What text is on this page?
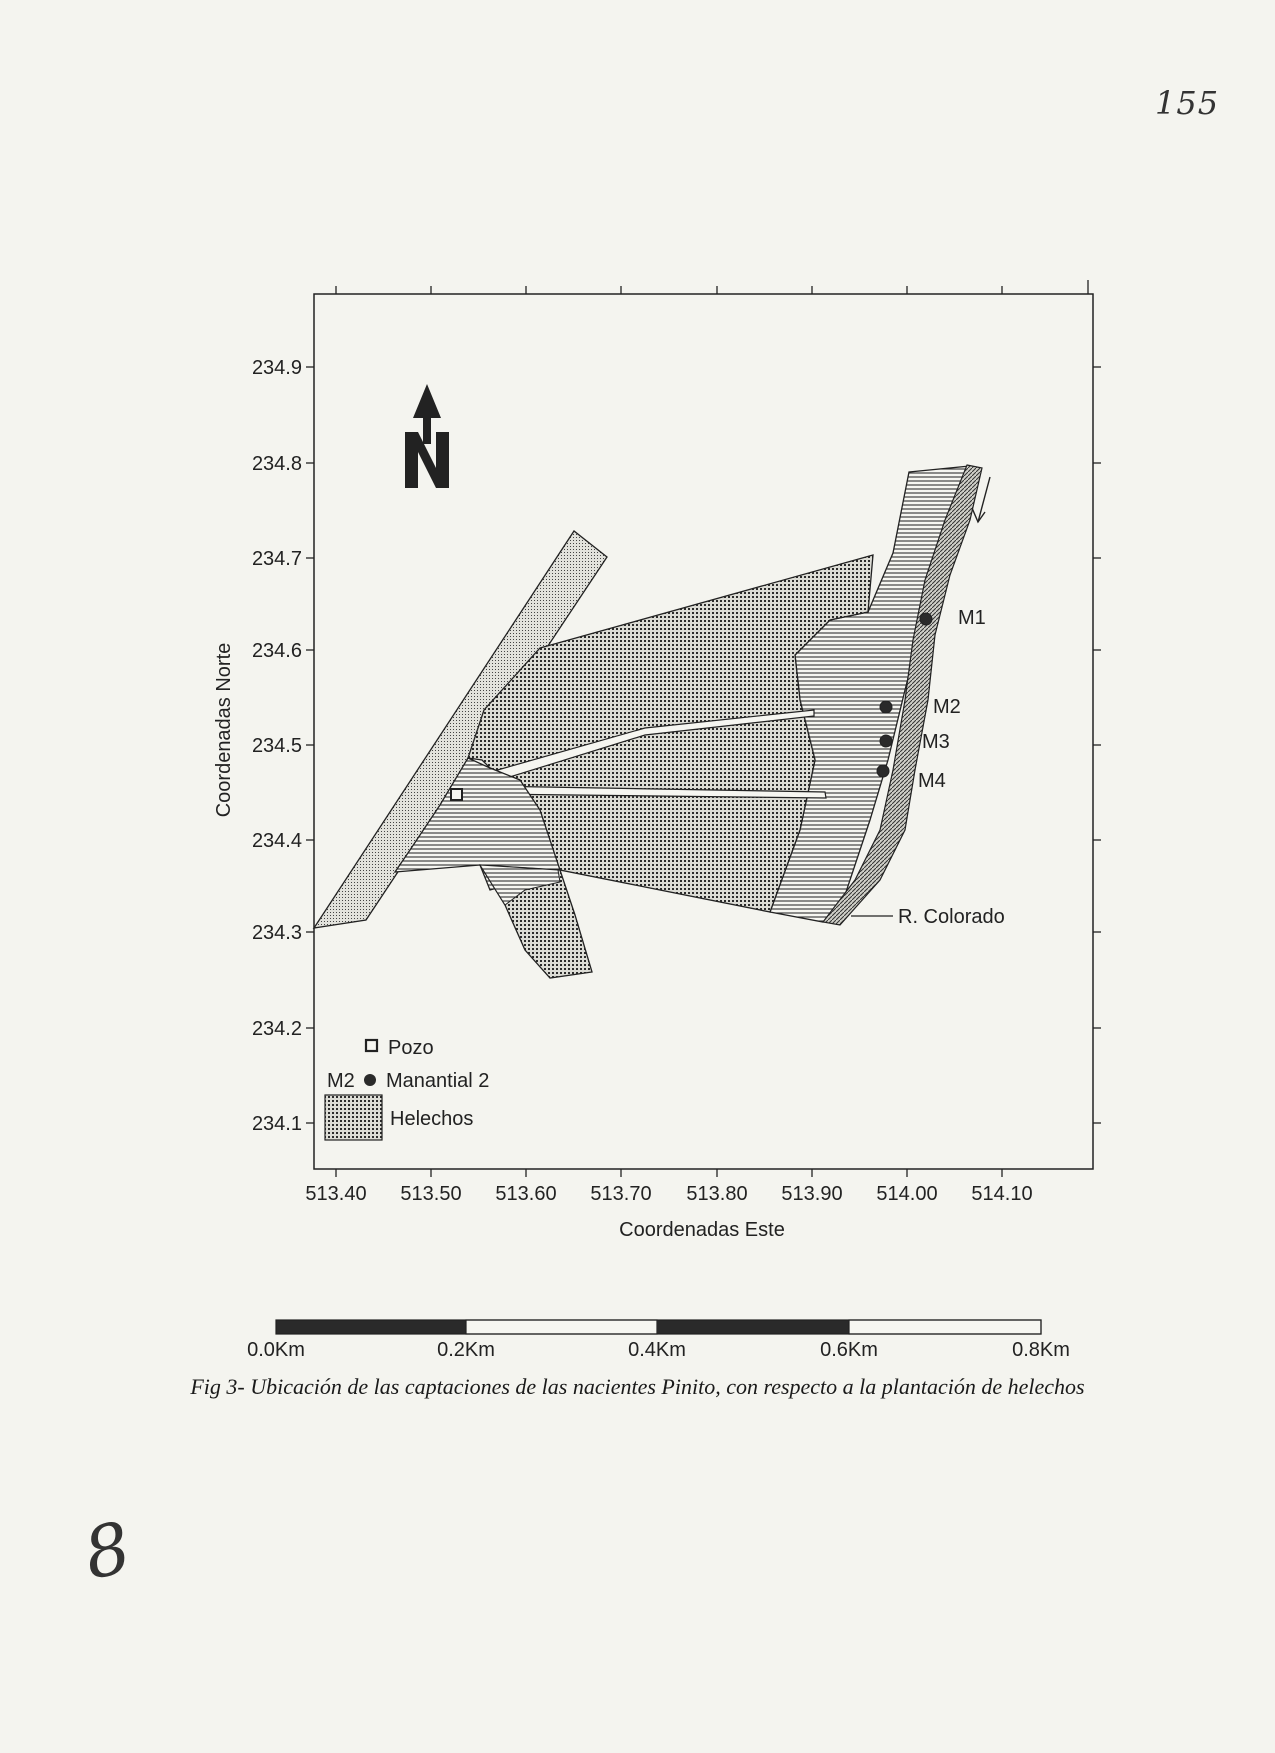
155
513.40 513.50 513.60 513.70 513.80 513.90 514.00 514.10
234.9
234.8
234.7
234.6
234.5
234.4
234.3
234.2
234.1
Coordenadas Este
Coordenadas Norte
R. Colorado
M1
M2
M3
M4
Pozo
M2 Manantial 2
Helechos
0.0Km	0.2Km	0.4Km	0.6Km	0.8Km
Fig 3- Ubicación de las captaciones de las nacientes Pinito, con respecto a la plantación de helechos
8
